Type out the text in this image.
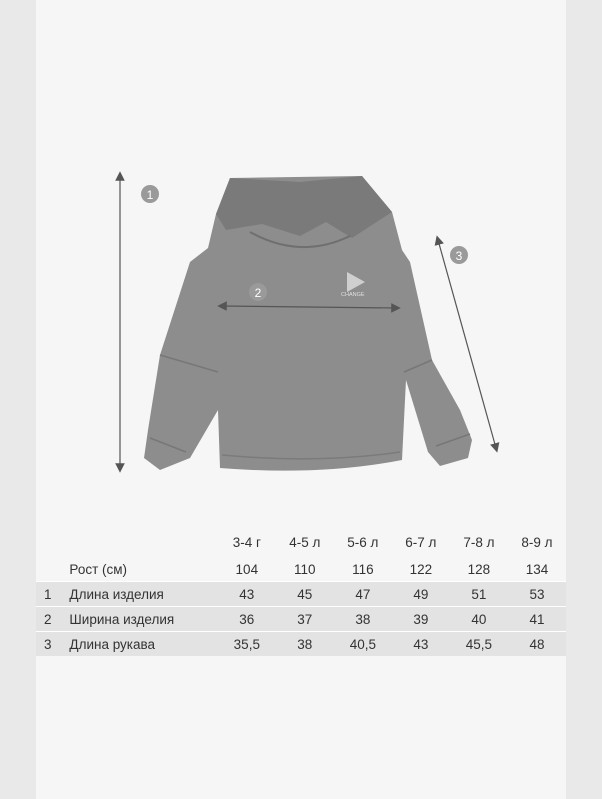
CHANGE
1
2
3
		3-4 г	4-5 л	5-6 л	6-7 л	7-8 л	8-9 л
	Рост (см)	104	110	116	122	128	134
1	Длина изделия	43	45	47	49	51	53
2	Ширина изделия	36	37	38	39	40	41
3	Длина рукава	35,5	38	40,5	43	45,5	48
